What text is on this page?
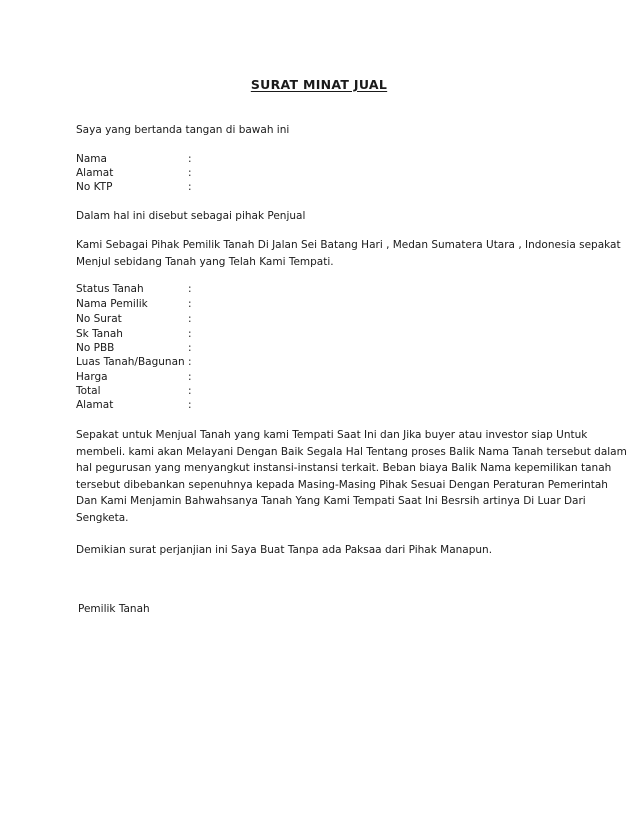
SURAT MINAT JUAL
Saya yang bertanda tangan di bawah ini
Nama	:
Alamat	:
No KTP	:
Dalam hal ini disebut sebagai pihak Penjual
Kami Sebagai Pihak Pemilik Tanah Di Jalan Sei Batang Hari , Medan Sumatera Utara , Indonesia sepakat
Menjul sebidang Tanah yang Telah Kami Tempati.
Status Tanah	:
Nama Pemilik	:
No Surat	:
Sk Tanah	:
No PBB	:
Luas Tanah/Bagunan :
Harga	:
Total	:
Alamat	:
Sepakat untuk Menjual Tanah yang kami Tempati Saat Ini dan Jika buyer atau investor siap Untuk
membeli. kami akan Melayani Dengan Baik Segala Hal Tentang proses Balik Nama Tanah tersebut dalam
hal pegurusan yang menyangkut instansi-instansi terkait. Beban biaya Balik Nama kepemilikan tanah
tersebut dibebankan sepenuhnya kepada Masing-Masing Pihak Sesuai Dengan Peraturan Pemerintah
Dan Kami Menjamin Bahwahsanya Tanah Yang Kami Tempati Saat Ini Besrsih artinya Di Luar Dari
Sengketa.
Demikian surat perjanjian ini Saya Buat Tanpa ada Paksaa dari Pihak Manapun.
Pemilik Tanah
